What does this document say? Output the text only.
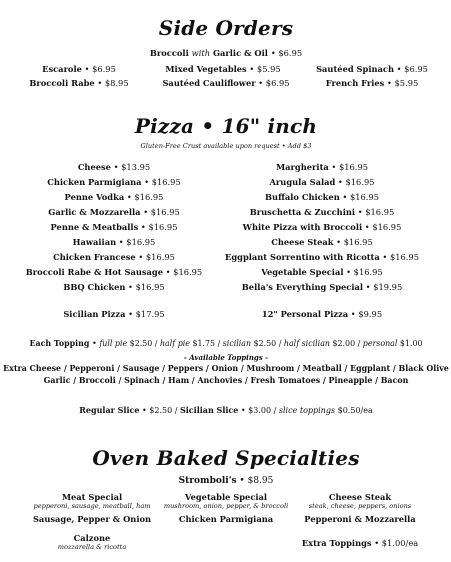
Side Orders
Broccoli with Garlic & Oil • $6.95
Escarole • $6.95	Mixed Vegetables • $5.95	Sautéed Spinach • $6.95
Broccoli Rabe • $8.95	Sautéed Cauliflower • $6.95	French Fries • $5.95
Pizza • 16" inch
Gluten-Free Crust available upon request • Add $3
Cheese • $13.95
Chicken Parmigiana • $16.95
Penne Vodka • $16.95
Garlic & Mozzarella • $16.95
Penne & Meatballs • $16.95
Hawaiian • $16.95
Chicken Francese • $16.95
Broccoli Rabe & Hot Sausage • $16.95
BBQ Chicken • $16.95
Margherita • $16.95
Arugula Salad • $16.95
Buffalo Chicken • $16.95
Bruschetta & Zucchini • $16.95
White Pizza with Broccoli • $16.95
Cheese Steak • $16.95
Eggplant Sorrentino with Ricotta • $16.95
Vegetable Special • $16.95
Bella's Everything Special • $19.95
Sicilian Pizza • $17.95	12" Personal Pizza • $9.95
Each Topping • full pie $2.50 / half pie $1.75 / sicilian $2.50 / half sicilian $2.00 / personal $1.00
- Available Toppings -
Extra Cheese / Pepperoni / Sausage / Peppers / Onion / Mushroom / Meatball / Eggplant / Black Olive
Garlic / Broccoli / Spinach / Ham / Anchovies / Fresh Tomatoes / Pineapple / Bacon
Regular Slice • $2.50 / Sicilian Slice • $3.00 / slice toppings $0.50/ea
Oven Baked Specialties
Stromboli's • $8.95
Meat Special
pepperoni, sausage, meatball, ham
Vegetable Special
mushroom, onion, pepper, & broccoli
Cheese Steak
steak, cheese, peppers, onions
Sausage, Pepper & Onion	Chicken Parmigiana	Pepperoni & Mozzarella
Calzone
mozzarella & ricotta	Extra Toppings • $1.00/ea
